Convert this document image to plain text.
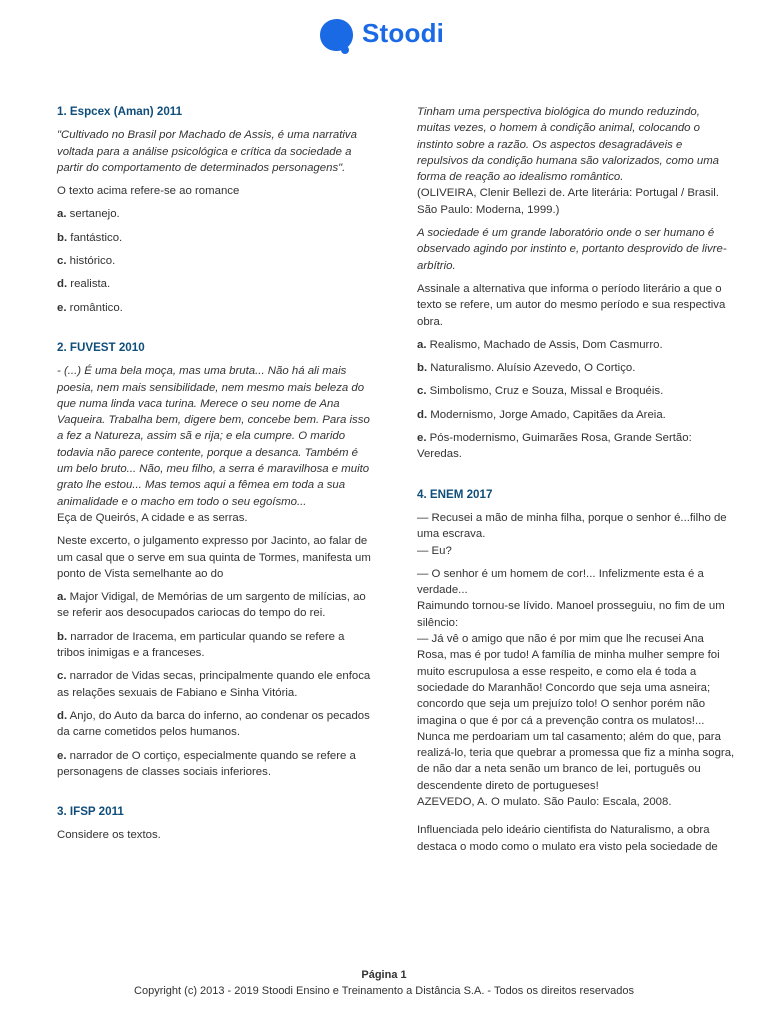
Stoodi
1. Espcex (Aman) 2011

"Cultivado no Brasil por Machado de Assis, é uma narrativa voltada para a análise psicológica e crítica da sociedade a partir do comportamento de determinados personagens".

O texto acima refere-se ao romance

a. sertanejo.
b. fantástico.
c. histórico.
d. realista.
e. romântico.
2. FUVEST 2010

- (...) É uma bela moça, mas uma bruta... Não há ali mais poesia, nem mais sensibilidade, nem mesmo mais beleza do que numa linda vaca turina. Merece o seu nome de Ana Vaqueira. Trabalha bem, digere bem, concebe bem. Para isso a fez a Natureza, assim sã e rija; e ela cumpre. O marido todavia não parece contente, porque a desanca. Também é um belo bruto... Não, meu filho, a serra é maravilhosa e muito grato lhe estou... Mas temos aqui a fêmea em toda a sua animalidade e o macho em todo o seu egoísmo...

Eça de Queirós, A cidade e as serras.

Neste excerto, o julgamento expresso por Jacinto, ao falar de um casal que o serve em sua quinta de Tormes, manifesta um ponto de Vista semelhante ao do

a. Major Vidigal, de Memórias de um sargento de milícias, ao se referir aos desocupados cariocas do tempo do rei.
b. narrador de Iracema, em particular quando se refere a tribos inimigas e a franceses.
c. narrador de Vidas secas, principalmente quando ele enfoca as relações sexuais de Fabiano e Sinha Vitória.
d. Anjo, do Auto da barca do inferno, ao condenar os pecados da carne cometidos pelos humanos.
e. narrador de O cortiço, especialmente quando se refere a personagens de classes sociais inferiores.
3. IFSP 2011

Considere os textos.

Tinham uma perspectiva biológica do mundo reduzindo, muitas vezes, o homem à condição animal, colocando o instinto sobre a razão. Os aspectos desagradáveis e repulsivos da condição humana são valorizados, como uma forma de reação ao idealismo romântico.

(OLIVEIRA, Clenir Bellezi de. Arte literária: Portugal / Brasil. São Paulo: Moderna, 1999.)

A sociedade é um grande laboratório onde o ser humano é observado agindo por instinto e, portanto desprovido de livre-arbítrio.

Assinale a alternativa que informa o período literário a que o texto se refere, um autor do mesmo período e sua respectiva obra.

a. Realismo, Machado de Assis, Dom Casmurro.
b. Naturalismo. Aluísio Azevedo, O Cortiço.
c. Simbolismo, Cruz e Souza, Missal e Broquéis.
d. Modernismo, Jorge Amado, Capitães da Areia.
e. Pós-modernismo, Guimarães Rosa, Grande Sertão: Veredas.
4. ENEM 2017

— Recusei a mão de minha filha, porque o senhor é...filho de uma escrava.

— Eu?

— O senhor é um homem de cor!... Infelizmente esta é a verdade...

Raimundo tornou-se lívido. Manoel prosseguiu, no fim de um silêncio:

— Já vê o amigo que não é por mim que lhe recusei Ana Rosa, mas é por tudo! A família de minha mulher sempre foi muito escrupulosa a esse respeito, e como ela é toda a sociedade do Maranhão! Concordo que seja uma asneira; concordo que seja um prejuízo tolo! O senhor porém não imagina o que é por cá a prevenção contra os mulatos!... Nunca me perdoariam um tal casamento; além do que, para realizá-lo, teria que quebrar a promessa que fiz a minha sogra, de não dar a neta senão um branco de lei, português ou descendente direto de portugueses!

AZEVEDO, A. O mulato. São Paulo: Escala, 2008.

Influenciada pelo ideário cientifista do Naturalismo, a obra destaca o modo como o mulato era visto pela sociedade de

Página 1
Copyright (c) 2013 - 2019 Stoodi Ensino e Treinamento a Distância S.A. - Todos os direitos reservados
